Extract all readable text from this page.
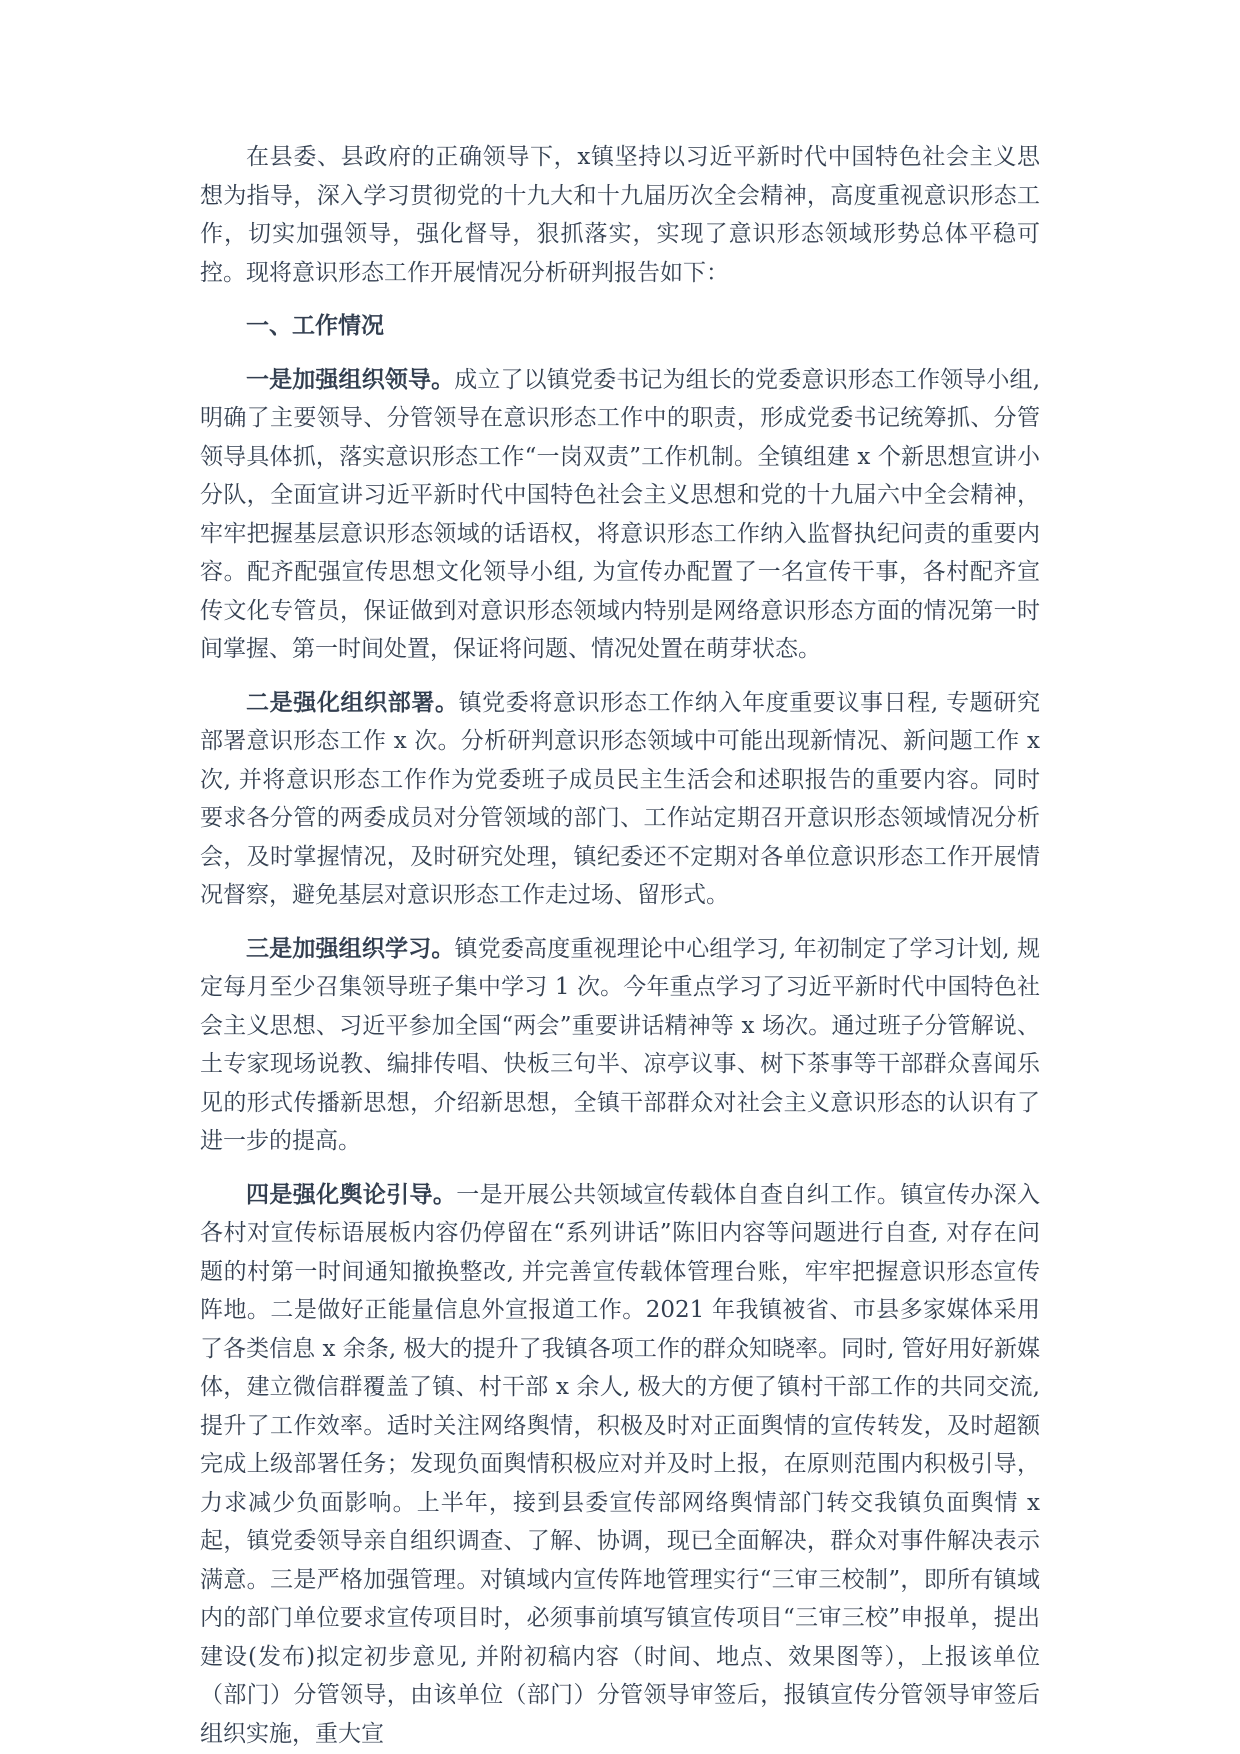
在县委、县政府的正确领导下，x镇坚持以习近平新时代中国特色社会主义思想为指导，深入学习贯彻党的十九大和十九届历次全会精神，高度重视意识形态工作，切实加强领导，强化督导，狠抓落实，实现了意识形态领域形势总体平稳可控。现将意识形态工作开展情况分析研判报告如下：

一、工作情况

一是加强组织领导。成立了以镇党委书记为组长的党委意识形态工作领导小组, 明确了主要领导、分管领导在意识形态工作中的职责，形成党委书记统筹抓、分管领导具体抓，落实意识形态工作“一岗双责”工作机制。全镇组建 x 个新思想宣讲小分队，全面宣讲习近平新时代中国特色社会主义思想和党的十九届六中全会精神，牢牢把握基层意识形态领域的话语权，将意识形态工作纳入监督执纪问责的重要内容。配齐配强宣传思想文化领导小组, 为宣传办配置了一名宣传干事，各村配齐宣传文化专管员，保证做到对意识形态领域内特别是网络意识形态方面的情况第一时间掌握、第一时间处置，保证将问题、情况处置在萌芽状态。

二是强化组织部署。镇党委将意识形态工作纳入年度重要议事日程, 专题研究部署意识形态工作 x 次。分析研判意识形态领域中可能出现新情况、新问题工作 x 次, 并将意识形态工作作为党委班子成员民主生活会和述职报告的重要内容。同时要求各分管的两委成员对分管领域的部门、工作站定期召开意识形态领域情况分析会，及时掌握情况，及时研究处理，镇纪委还不定期对各单位意识形态工作开展情况督察，避免基层对意识形态工作走过场、留形式。

三是加强组织学习。镇党委高度重视理论中心组学习, 年初制定了学习计划, 规定每月至少召集领导班子集中学习 1 次。今年重点学习了习近平新时代中国特色社会主义思想、习近平参加全国“两会”重要讲话精神等 x 场次。通过班子分管解说、土专家现场说教、编排传唱、快板三句半、凉亭议事、树下茶事等干部群众喜闻乐见的形式传播新思想，介绍新思想，全镇干部群众对社会主义意识形态的认识有了进一步的提高。

四是强化舆论引导。一是开展公共领域宣传载体自查自纠工作。镇宣传办深入各村对宣传标语展板内容仍停留在“系列讲话”陈旧内容等问题进行自查, 对存在问题的村第一时间通知撤换整改, 并完善宣传载体管理台账，牢牢把握意识形态宣传阵地。二是做好正能量信息外宣报道工作。2021 年我镇被省、市县多家媒体采用了各类信息 x 余条, 极大的提升了我镇各项工作的群众知晓率。同时, 管好用好新媒体，建立微信群覆盖了镇、村干部 x 余人, 极大的方便了镇村干部工作的共同交流, 提升了工作效率。适时关注网络舆情，积极及时对正面舆情的宣传转发，及时超额完成上级部署任务；发现负面舆情积极应对并及时上报，在原则范围内积极引导，力求减少负面影响。上半年，接到县委宣传部网络舆情部门转交我镇负面舆情 x 起，镇党委领导亲自组织调查、了解、协调，现已全面解决，群众对事件解决表示满意。三是严格加强管理。对镇域内宣传阵地管理实行“三审三校制”，即所有镇域内的部门单位要求宣传项目时，必须事前填写镇宣传项目“三审三校”申报单，提出建设(发布)拟定初步意见, 并附初稿内容（时间、地点、效果图等），上报该单位（部门）分管领导，由该单位（部门）分管领导审签后，报镇宣传分管领导审签后组织实施，重大宣
